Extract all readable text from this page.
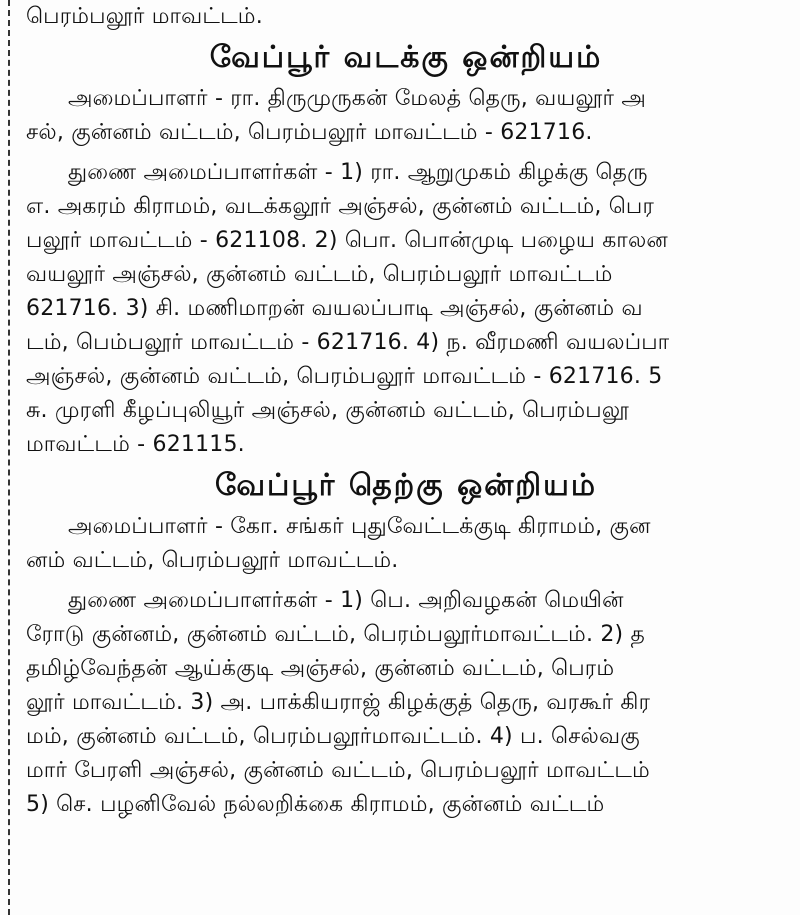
பெரம்பலூர் மாவட்டம்.
வேப்பூர் வடக்கு ஒன்றியம்
அமைப்பாளர் - ரா. திருமுருகன் மேலத் தெரு, வயலூர் அ
சல், குன்னம் வட்டம், பெரம்பலூர் மாவட்டம் - 621716.
துணை அமைப்பாளர்கள் - 1) ரா. ஆறுமுகம் கிழக்கு தெரு
எ. அகரம் கிராமம், வடக்கலூர் அஞ்சல், குன்னம் வட்டம், பெர
பலூர் மாவட்டம் - 621108. 2) பொ. பொன்முடி பழைய காலன
வயலூர் அஞ்சல், குன்னம் வட்டம், பெரம்பலூர் மாவட்டம்
621716. 3) சி. மணிமாறன் வயலப்பாடி அஞ்சல், குன்னம் வ
டம், பெம்பலூர் மாவட்டம் - 621716. 4) ந. வீரமணி வயலப்பா
அஞ்சல், குன்னம் வட்டம், பெரம்பலூர் மாவட்டம் - 621716. 5
சு. முரளி கீழப்புலியூர் அஞ்சல், குன்னம் வட்டம், பெரம்பலூ
மாவட்டம் - 621115.
வேப்பூர் தெற்கு ஒன்றியம்
அமைப்பாளர் - கோ. சங்கர் புதுவேட்டக்குடி கிராமம், குன
னம் வட்டம், பெரம்பலூர் மாவட்டம்.
துணை அமைப்பாளர்கள் - 1) பெ. அறிவழகன் மெயின்
ரோடு குன்னம், குன்னம் வட்டம், பெரம்பலூர்மாவட்டம். 2) த
தமிழ்வேந்தன் ஆய்க்குடி அஞ்சல், குன்னம் வட்டம், பெரம்
லூர் மாவட்டம். 3) அ. பாக்கியராஜ் கிழக்குத் தெரு, வரகூர் கிர
மம், குன்னம் வட்டம், பெரம்பலூர்மாவட்டம். 4) ப. செல்வகு
மார் பேரளி அஞ்சல், குன்னம் வட்டம், பெரம்பலூர் மாவட்டம்
5) செ. பழனிவேல் நல்லறிக்கை கிராமம், குன்னம் வட்டம்
